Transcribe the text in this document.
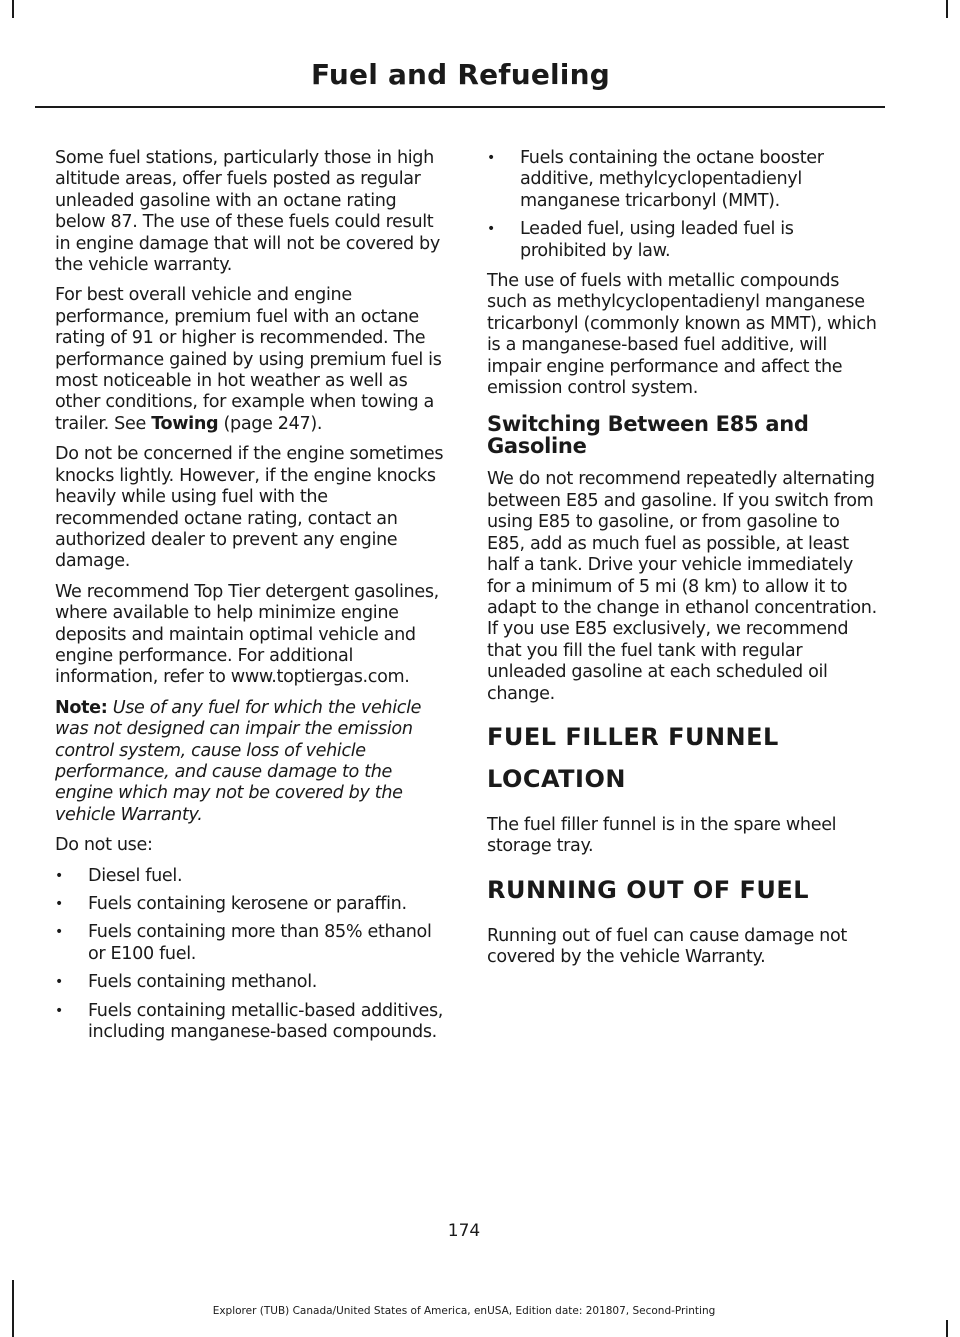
Fuel and Refueling

Some fuel stations, particularly those in high altitude areas, offer fuels posted as regular unleaded gasoline with an octane rating below 87. The use of these fuels could result in engine damage that will not be covered by the vehicle warranty.

For best overall vehicle and engine performance, premium fuel with an octane rating of 91 or higher is recommended. The performance gained by using premium fuel is most noticeable in hot weather as well as other conditions, for example when towing a trailer. See Towing (page 247).

Do not be concerned if the engine sometimes knocks lightly. However, if the engine knocks heavily while using fuel with the recommended octane rating, contact an authorized dealer to prevent any engine damage.

We recommend Top Tier detergent gasolines, where available to help minimize engine deposits and maintain optimal vehicle and engine performance. For additional information, refer to www.toptiergas.com.

Note: Use of any fuel for which the vehicle was not designed can impair the emission control system, cause loss of vehicle performance, and cause damage to the engine which may not be covered by the vehicle Warranty.

Do not use:

• Diesel fuel.
• Fuels containing kerosene or paraffin.
• Fuels containing more than 85% ethanol or E100 fuel.
• Fuels containing methanol.
• Fuels containing metallic-based additives, including manganese-based compounds.
• Fuels containing the octane booster additive, methylcyclopentadienyl manganese tricarbonyl (MMT).
• Leaded fuel, using leaded fuel is prohibited by law.

The use of fuels with metallic compounds such as methylcyclopentadienyl manganese tricarbonyl (commonly known as MMT), which is a manganese-based fuel additive, will impair engine performance and affect the emission control system.

Switching Between E85 and Gasoline

We do not recommend repeatedly alternating between E85 and gasoline. If you switch from using E85 to gasoline, or from gasoline to E85, add as much fuel as possible, at least half a tank. Drive your vehicle immediately for a minimum of 5 mi (8 km) to allow it to adapt to the change in ethanol concentration. If you use E85 exclusively, we recommend that you fill the fuel tank with regular unleaded gasoline at each scheduled oil change.

FUEL FILLER FUNNEL
LOCATION

The fuel filler funnel is in the spare wheel storage tray.

RUNNING OUT OF FUEL

Running out of fuel can cause damage not covered by the vehicle Warranty.

174
Explorer (TUB) Canada/United States of America, enUSA, Edition date: 201807, Second-Printing
